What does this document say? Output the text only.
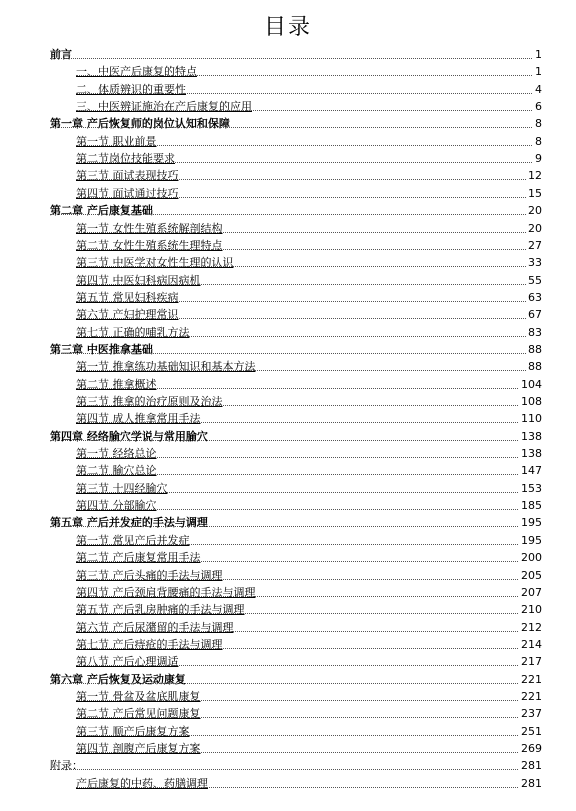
目录
前言	1
一、中医产后康复的特点	1
二、体质辨识的重要性	4
三、中医辨证施治在产后康复的应用	6
第一章 产后恢复师的岗位认知和保障	8
第一节 职业前景	8
第二节岗位技能要求	9
第三节 面试表现技巧	12
第四节 面试通过技巧	15
第二章 产后康复基础	20
第一节 女性生殖系统解剖结构	20
第二节 女性生殖系统生理特点	27
第三节 中医学对女性生理的认识	33
第四节 中医妇科病因病机	55
第五节 常见妇科疾病	63
第六节 产妇护理常识	67
第七节 正确的哺乳方法	83
第三章 中医推拿基础	88
第一节 推拿练功基础知识和基本方法	88
第二节 推拿概述	104
第三节 推拿的治疗原则及治法	108
第四节 成人推拿常用手法	110
第四章 经络腧穴学说与常用腧穴	138
第一节 经络总论	138
第二节 腧穴总论	147
第三节 十四经腧穴	153
第四节 分部腧穴	185
第五章 产后并发症的手法与调理	195
第一节 常见产后并发症	195
第二节 产后康复常用手法	200
第三节 产后头痛的手法与调理	205
第四节 产后颈肩背腰痛的手法与调理	207
第五节 产后乳房肿痛的手法与调理	210
第六节 产后尿潴留的手法与调理	212
第七节 产后痔疮的手法与调理	214
第八节 产后心理调适	217
第六章 产后恢复及运动康复	221
第一节 骨盆及盆底肌康复	221
第二节 产后常见问题康复	237
第三节 顺产后康复方案	251
第四节 剖腹产后康复方案	269
附录：	281
产后康复的中药、药膳调理	281
